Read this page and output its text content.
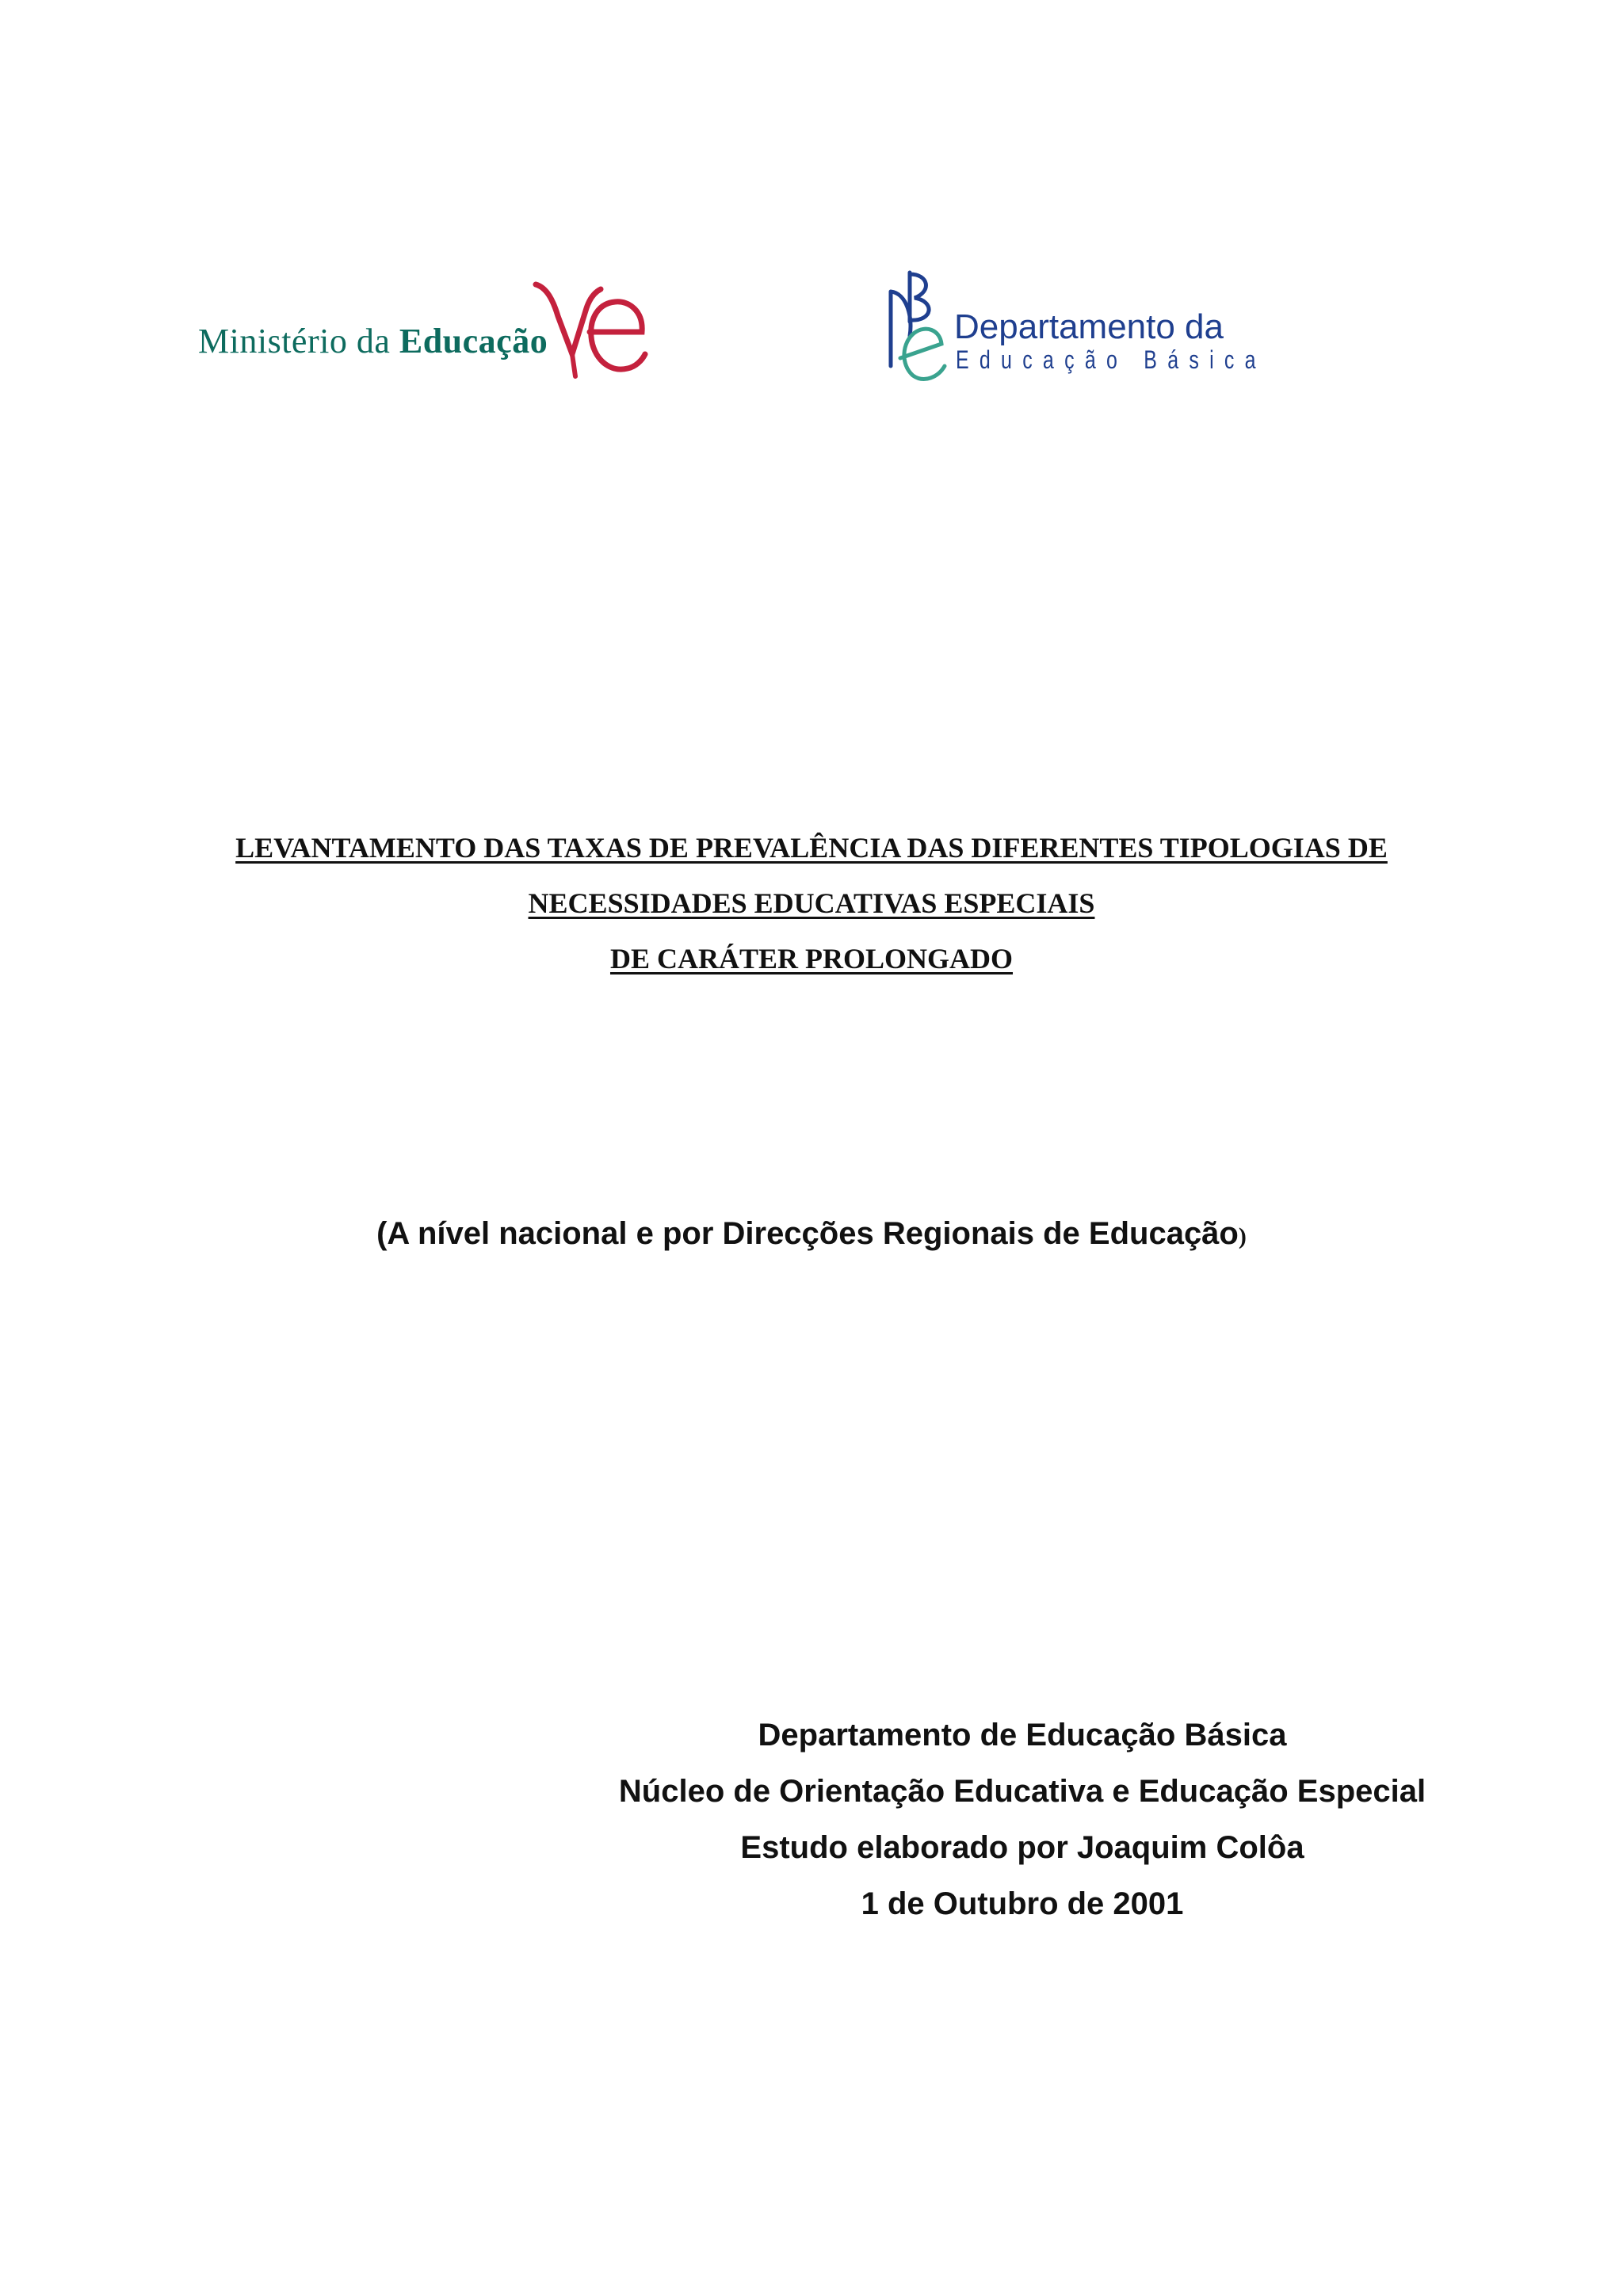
Ministério da Educação	Departamento da
Educação Básica
LEVANTAMENTO DAS TAXAS DE PREVALÊNCIA DAS DIFERENTES TIPOLOGIAS DE
NECESSIDADES EDUCATIVAS ESPECIAIS
DE CARÁTER PROLONGADO
(A nível nacional e por Direcções Regionais de Educação)
Departamento de Educação Básica
Núcleo de Orientação Educativa e Educação Especial
Estudo elaborado por Joaquim Colôa
1 de Outubro de 2001
